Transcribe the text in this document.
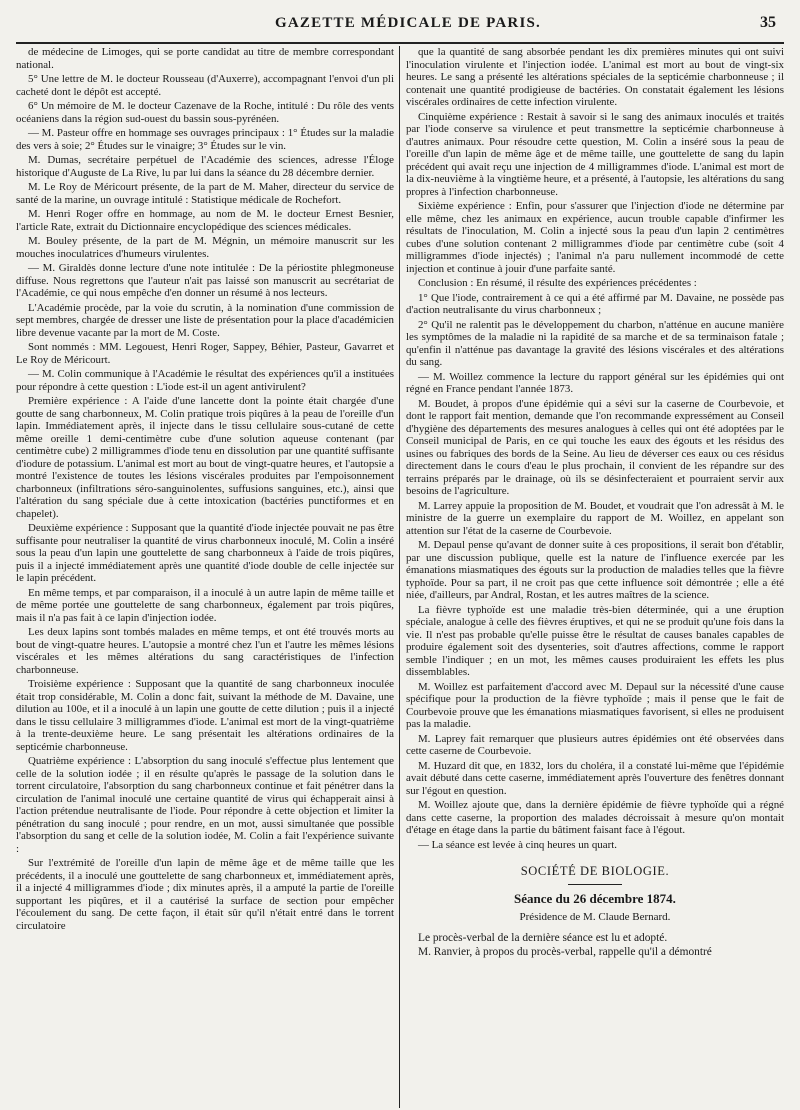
GAZETTE MÉDICALE DE PARIS.	35

de médecine de Limoges, qui se porte candidat au titre de membre correspondant national.

5° Une lettre de M. le docteur Rousseau (d'Auxerre), accompagnant l'envoi d'un pli cacheté dont le dépôt est accepté.

6° Un mémoire de M. le docteur Cazenave de la Roche, intitulé : Du rôle des vents océaniens dans la région sud-ouest du bassin sous-pyrénéen.

— M. Pasteur offre en hommage ses ouvrages principaux : 1° Études sur la maladie des vers à soie; 2° Études sur le vinaigre; 3° Études sur le vin.

M. Dumas, secrétaire perpétuel de l'Académie des sciences, adresse l'Éloge historique d'Auguste de La Rive, lu par lui dans la séance du 28 décembre dernier.

M. Le Roy de Méricourt présente, de la part de M. Maher, directeur du service de santé de la marine, un ouvrage intitulé : Statistique médicale de Rochefort.

M. Henri Roger offre en hommage, au nom de M. le docteur Ernest Besnier, l'article Rate, extrait du Dictionnaire encyclopédique des sciences médicales.

M. Bouley présente, de la part de M. Mégnin, un mémoire manuscrit sur les mouches inoculatrices d'humeurs virulentes.

— M. Giraldès donne lecture d'une note intitulée : De la périostite phlegmoneuse diffuse. Nous regrettons que l'auteur n'ait pas laissé son manuscrit au secrétariat de l'Académie, ce qui nous empêche d'en donner un résumé à nos lecteurs.

L'Académie procède, par la voie du scrutin, à la nomination d'une commission de sept membres, chargée de dresser une liste de présentation pour la place d'académicien libre devenue vacante par la mort de M. Coste.

Sont nommés : MM. Legouest, Henri Roger, Sappey, Béhier, Pasteur, Gavarret et Le Roy de Méricourt.

— M. Colin communique à l'Académie le résultat des expériences qu'il a instituées pour répondre à cette question : L'iode est-il un agent antivirulent?

Première expérience : A l'aide d'une lancette dont la pointe était chargée d'une goutte de sang charbonneux, M. Colin pratique trois piqûres à la peau de l'oreille d'un lapin. Immédiatement après, il injecte dans le tissu cellulaire sous-cutané de cette même oreille 1 demi-centimètre cube d'une solution aqueuse contenant (par centimètre cube) 2 milligrammes d'iode tenu en dissolution par une quantité suffisante d'iodure de potassium. L'animal est mort au bout de vingt-quatre heures, et l'autopsie a montré l'existence de toutes les lésions viscérales produites par l'empoisonnement charbonneux (infiltrations séro-sanguinolentes, suffusions sanguines, etc.), ainsi que l'altération du sang spéciale due à cette intoxication (bactéries punctiformes et en chapelet).

Deuxième expérience : Supposant que la quantité d'iode injectée pouvait ne pas être suffisante pour neutraliser la quantité de virus charbonneux inoculé, M. Colin a inséré sous la peau d'un lapin une gouttelette de sang charbonneux à l'aide de trois piqûres, puis il a injecté immédiatement après une quantité d'iode double de celle injectée sur le lapin précédent.

En même temps, et par comparaison, il a inoculé à un autre lapin de même taille et de même portée une gouttelette de sang charbonneux, également par trois piqûres, mais il n'a pas fait à ce lapin d'injection iodée.

Les deux lapins sont tombés malades en même temps, et ont été trouvés morts au bout de vingt-quatre heures. L'autopsie a montré chez l'un et l'autre les mêmes lésions viscérales et les mêmes altérations du sang caractéristiques de l'infection charbonneuse.

Troisième expérience : Supposant que la quantité de sang charbonneux inoculée était trop considérable, M. Colin a donc fait, suivant la méthode de M. Davaine, une dilution au 100e, et il a inoculé à un lapin une goutte de cette dilution ; puis il a injecté dans le tissu cellulaire 3 milligrammes d'iode. L'animal est mort de la vingt-quatrième à la trente-deuxième heure. Le sang présentait les altérations ordinaires de la septicémie charbonneuse.

Quatrième expérience : L'absorption du sang inoculé s'effectue plus lentement que celle de la solution iodée ; il en résulte qu'après le passage de la solution dans le torrent circulatoire, l'absorption du sang charbonneux continue et fait pénétrer dans la circulation de l'animal inoculé une certaine quantité de virus qui échapperait ainsi à l'action prétendue neutralisante de l'iode. Pour répondre à cette objection et limiter la pénétration du sang inoculé ; pour rendre, en un mot, aussi simultanée que possible l'absorption du sang et celle de la solution iodée, M. Colin a fait l'expérience suivante :

Sur l'extrémité de l'oreille d'un lapin de même âge et de même taille que les précédents, il a inoculé une gouttelette de sang charbonneux et, immédiatement après, il a injecté 4 milligrammes d'iode ; dix minutes après, il a amputé la partie de l'oreille supportant les piqûres, et il a cautérisé la surface de section pour empêcher l'écoulement du sang. De cette façon, il était sûr qu'il n'était entré dans le torrent circulatoire

que la quantité de sang absorbée pendant les dix premières minutes qui ont suivi l'inoculation virulente et l'injection iodée. L'animal est mort au bout de vingt-six heures. Le sang a présenté les altérations spéciales de la septicémie charbonneuse ; il contenait une quantité prodigieuse de bactéries. On constatait également les lésions viscérales ordinaires de cette infection virulente.

Cinquième expérience : Restait à savoir si le sang des animaux inoculés et traités par l'iode conserve sa virulence et peut transmettre la septicémie charbonneuse à d'autres animaux. Pour résoudre cette question, M. Colin a inséré sous la peau de l'oreille d'un lapin de même âge et de même taille, une gouttelette de sang du lapin précédent qui avait reçu une injection de 4 milligrammes d'iode. L'animal est mort de la dix-neuvième à la vingtième heure, et a présenté, à l'autopsie, les altérations du sang propres à l'infection charbonneuse.

Sixième expérience : Enfin, pour s'assurer que l'injection d'iode ne détermine par elle même, chez les animaux en expérience, aucun trouble capable d'infirmer les résultats de l'inoculation, M. Colin a injecté sous la peau d'un lapin 2 centimètres cubes d'une solution contenant 2 milligrammes d'iode par centimètre cube (soit 4 milligrammes d'iode injectés) ; l'animal n'a paru nullement incommodé de cette injection et continue à jouir d'une parfaite santé.

Conclusion : En résumé, il résulte des expériences précédentes :

1° Que l'iode, contrairement à ce qui a été affirmé par M. Davaine, ne possède pas d'action neutralisante du virus charbonneux ;

2° Qu'il ne ralentit pas le développement du charbon, n'atténue en aucune manière les symptômes de la maladie ni la rapidité de sa marche et de sa terminaison fatale ; qu'enfin il n'atténue pas davantage la gravité des lésions viscérales et des altérations du sang.

— M. Woillez commence la lecture du rapport général sur les épidémies qui ont régné en France pendant l'année 1873.

M. Boudet, à propos d'une épidémie qui a sévi sur la caserne de Courbevoie, et dont le rapport fait mention, demande que l'on recommande expressément au Conseil d'hygiène des départements des mesures analogues à celles qui ont été adoptées par le Conseil municipal de Paris, en ce qui touche les eaux des égouts et les résidus des usines ou fabriques des bords de la Seine. Au lieu de déverser ces eaux ou ces résidus directement dans le cours d'eau le plus prochain, il convient de les répandre sur des terrains préparés par le drainage, où ils se désinfecteraient et pourraient servir aux besoins de l'agriculture.

M. Larrey appuie la proposition de M. Boudet, et voudrait que l'on adressât à M. le ministre de la guerre un exemplaire du rapport de M. Woillez, en appelant son attention sur l'état de la caserne de Courbevoie.

M. Depaul pense qu'avant de donner suite à ces propositions, il serait bon d'établir, par une discussion publique, quelle est la nature de l'influence exercée par les émanations miasmatiques des égouts sur la production de maladies telles que la fièvre typhoïde. Pour sa part, il ne croit pas que cette influence soit démontrée ; elle a été niée, d'ailleurs, par Andral, Rostan, et les autres maîtres de la science.

La fièvre typhoïde est une maladie très-bien déterminée, qui a une éruption spéciale, analogue à celle des fièvres éruptives, et qui ne se produit qu'une fois dans la vie. Il n'est pas probable qu'elle puisse être le résultat de causes banales capables de produire également soit des dysenteries, soit d'autres affections, comme le rapport semble l'indiquer ; en un mot, les mêmes causes produiraient les effets les plus dissemblables.

M. Woillez est parfaitement d'accord avec M. Depaul sur la nécessité d'une cause spécifique pour la production de la fièvre typhoïde ; mais il pense que le fait de Courbevoie prouve que les émanations miasmatiques favorisent, si elles ne produisent pas la maladie.

M. Laprey fait remarquer que plusieurs autres épidémies ont été observées dans cette caserne de Courbevoie.

M. Huzard dit que, en 1832, lors du choléra, il a constaté lui-même que l'épidémie avait débuté dans cette caserne, immédiatement après l'ouverture des fenêtres donnant sur l'égout en question.

M. Woillez ajoute que, dans la dernière épidémie de fièvre typhoïde qui a régné dans cette caserne, la proportion des malades décroissait à mesure qu'on montait d'étage en étage dans la partie du bâtiment faisant face à l'égout.

— La séance est levée à cinq heures un quart.

SOCIÉTÉ DE BIOLOGIE.

Séance du 26 décembre 1874.

Présidence de M. Claude Bernard.

Le procès-verbal de la dernière séance est lu et adopté.

M. Ranvier, à propos du procès-verbal, rappelle qu'il a démontré
